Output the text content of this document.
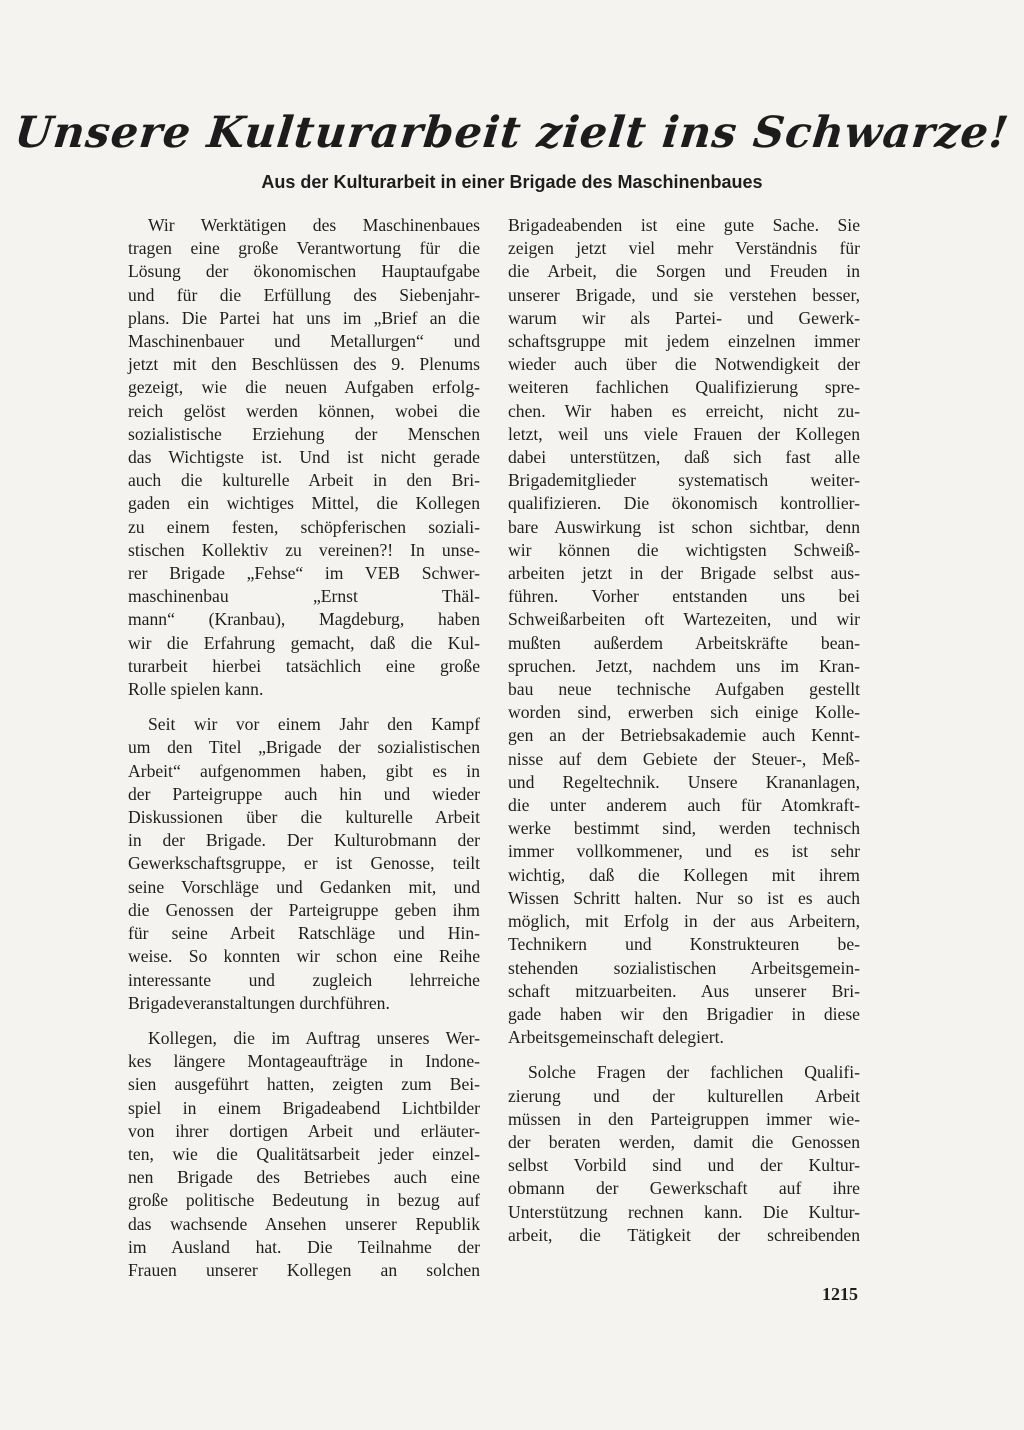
Unsere Kulturarbeit zielt ins Schwarze!
Aus der Kulturarbeit in einer Brigade des Maschinenbaues

Wir Werktätigen des Maschinenbaues
tragen eine große Verantwortung für die
Lösung der ökonomischen Hauptaufgabe
und für die Erfüllung des Siebenjahr-
plans. Die Partei hat uns im „Brief an die
Maschinenbauer und Metallurgen“ und
jetzt mit den Beschlüssen des 9. Plenums
gezeigt, wie die neuen Aufgaben erfolg-
reich gelöst werden können, wobei die
sozialistische Erziehung der Menschen
das Wichtigste ist. Und ist nicht gerade
auch die kulturelle Arbeit in den Bri-
gaden ein wichtiges Mittel, die Kollegen
zu einem festen, schöpferischen soziali-
stischen Kollektiv zu vereinen?! In unse-
rer Brigade „Fehse“ im VEB Schwer-
maschinenbau „Ernst Thäl-
mann“ (Kranbau), Magdeburg, haben
wir die Erfahrung gemacht, daß die Kul-
turarbeit hierbei tatsächlich eine große
Rolle spielen kann.

Seit wir vor einem Jahr den Kampf
um den Titel „Brigade der sozialistischen
Arbeit“ aufgenommen haben, gibt es in
der Parteigruppe auch hin und wieder
Diskussionen über die kulturelle Arbeit
in der Brigade. Der Kulturobmann der
Gewerkschaftsgruppe, er ist Genosse, teilt
seine Vorschläge und Gedanken mit, und
die Genossen der Parteigruppe geben ihm
für seine Arbeit Ratschläge und Hin-
weise. So konnten wir schon eine Reihe
interessante und zugleich lehrreiche
Brigadeveranstaltungen durchführen.

Kollegen, die im Auftrag unseres Wer-
kes längere Montageaufträge in Indone-
sien ausgeführt hatten, zeigten zum Bei-
spiel in einem Brigadeabend Lichtbilder
von ihrer dortigen Arbeit und erläuter-
ten, wie die Qualitätsarbeit jeder einzel-
nen Brigade des Betriebes auch eine
große politische Bedeutung in bezug auf
das wachsende Ansehen unserer Republik
im Ausland hat. Die Teilnahme der
Frauen unserer Kollegen an solchen

Brigadeabenden ist eine gute Sache. Sie
zeigen jetzt viel mehr Verständnis für
die Arbeit, die Sorgen und Freuden in
unserer Brigade, und sie verstehen besser,
warum wir als Partei- und Gewerk-
schaftsgruppe mit jedem einzelnen immer
wieder auch über die Notwendigkeit der
weiteren fachlichen Qualifizierung spre-
chen. Wir haben es erreicht, nicht zu-
letzt, weil uns viele Frauen der Kollegen
dabei unterstützen, daß sich fast alle
Brigademitglieder systematisch weiter-
qualifizieren. Die ökonomisch kontrollier-
bare Auswirkung ist schon sichtbar, denn
wir können die wichtigsten Schweiß-
arbeiten jetzt in der Brigade selbst aus-
führen. Vorher entstanden uns bei
Schweißarbeiten oft Wartezeiten, und wir
mußten außerdem Arbeitskräfte bean-
spruchen. Jetzt, nachdem uns im Kran-
bau neue technische Aufgaben gestellt
worden sind, erwerben sich einige Kolle-
gen an der Betriebsakademie auch Kennt-
nisse auf dem Gebiete der Steuer-, Meß-
und Regeltechnik. Unsere Krananlagen,
die unter anderem auch für Atomkraft-
werke bestimmt sind, werden technisch
immer vollkommener, und es ist sehr
wichtig, daß die Kollegen mit ihrem
Wissen Schritt halten. Nur so ist es auch
möglich, mit Erfolg in der aus Arbeitern,
Technikern und Konstrukteuren be-
stehenden sozialistischen Arbeitsgemein-
schaft mitzuarbeiten. Aus unserer Bri-
gade haben wir den Brigadier in diese
Arbeitsgemeinschaft delegiert.

Solche Fragen der fachlichen Qualifi-
zierung und der kulturellen Arbeit
müssen in den Parteigruppen immer wie-
der beraten werden, damit die Genossen
selbst Vorbild sind und der Kultur-
obmann der Gewerkschaft auf ihre
Unterstützung rechnen kann. Die Kultur-
arbeit, die Tätigkeit der schreibenden

1215
